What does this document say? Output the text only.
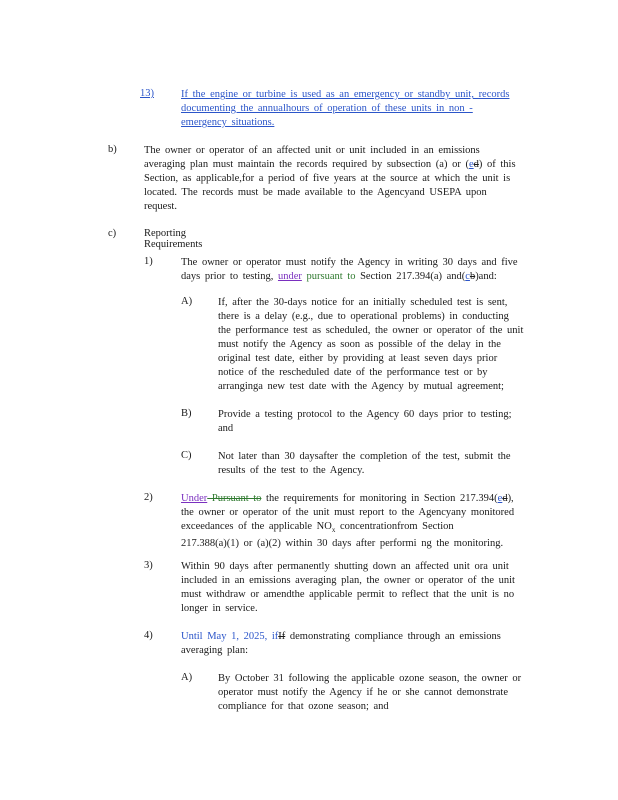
13)	If the engine or turbine is used as an emergency or standby unit, records
documenting the annualhours of operation of these units in non -
emergency situations.
b)	The owner or operator of an affected unit or unit included in an emissions
averaging plan must maintain the records required by subsection (a) or (ed) of this
Section, as applicable,for a period of five years at the source at which the unit is
located. The records must be made available to the Agencyand USEPA upon
request.
c)	Reporting Requirements
1)	The owner or operator must notify the Agency in writing 30 days and five
days prior to testing, under pursuant to Section 217.394(a) and(cb)and:
A) If, after the 30-days notice for an initially scheduled test is sent,
there is a delay (e.g., due to operational problems) in conducting
the performance test as scheduled, the owner or operator of the unit
must notify the Agency as soon as possible of the delay in the
original test date, either by providing at least seven days prior
notice of the rescheduled date of the performance test or by
arranginga new test date with the Agency by mutual agreement;
B)	Provide a testing protocol to the Agency 60 days prior to testing;
and
C)	Not later than 30 daysafter the completion of the test, submit the
results of the test to the Agency.
2)	Under Pursuant to the requirements for monitoring in Section 217.394(ed),
the owner or operator of the unit must report to the Agencyany monitored
exceedances of the applicable $NO_x$ concentrationfrom Section
217.388(a)(1) or (a)(2) within 30 days after performi ng the monitoring.
3)	Within 90 days after permanently shutting down an affected unit ora unit
included in an emissions averaging plan, the owner or operator of the unit
must withdraw or amendthe applicable permit to reflect that the unit is no
longer in service.
4)	Until May 1, 2025, ifIf demonstrating compliance through an emissions
averaging plan:
A) By October 31 following the applicable ozone season, the owner or
operator must notify the Agency if he or she cannot demonstrate
compliance for that ozone season; and
